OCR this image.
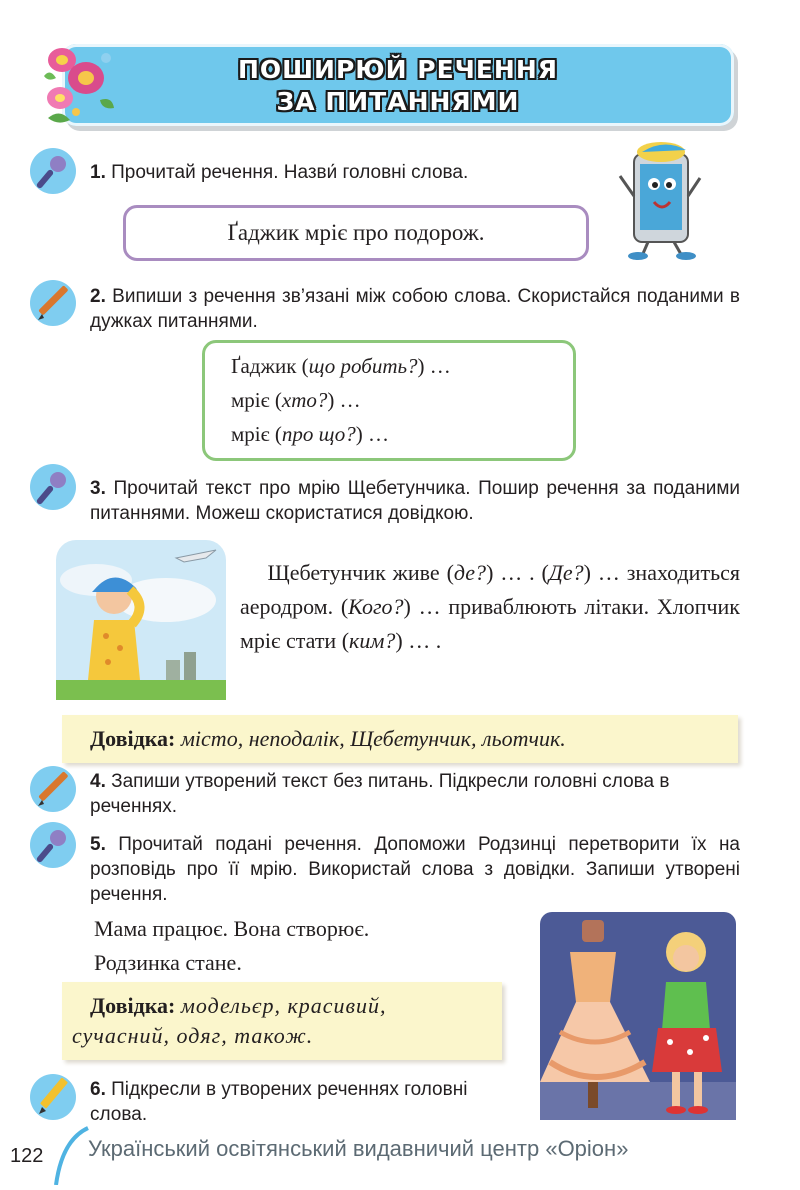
ПОШИРЮЙ РЕЧЕННЯ
ЗА ПИТАННЯМИ
1. Прочитай речення. Назви́ головні слова.
Ґаджик мріє про подорож.
2. Випиши з речення зв’язані між собою слова. Скористайся поданими в дужках питаннями.
Ґаджик (що робить?) …
мріє (хто?) …
мріє (про що?) …
3. Прочитай текст про мрію Щебетунчика. Пошир речення за поданими питаннями. Можеш скористатися довідкою.
Щебетунчик живе (де?) … . (Де?) … знаходиться аеродром. (Кого?) … приваблюють літаки. Хлопчик мріє стати (ким?) … .
Довідка: місто, неподалік, Щебетунчик, льотчик.
4. Запиши утворений текст без питань. Підкресли головні слова в реченнях.
5. Прочитай подані речення. Допоможи Родзинці перетворити їх на розповідь про її мрію. Використай слова з довідки. Запиши утворені речення.
Мама працює. Вона створює.
Родзинка стане.
Довідка: модельєр, красивий,
сучасний, одяг, також.
6. Підкресли в утворених реченнях головні слова.
122 Український освітянський видавничий центр «Оріон»
